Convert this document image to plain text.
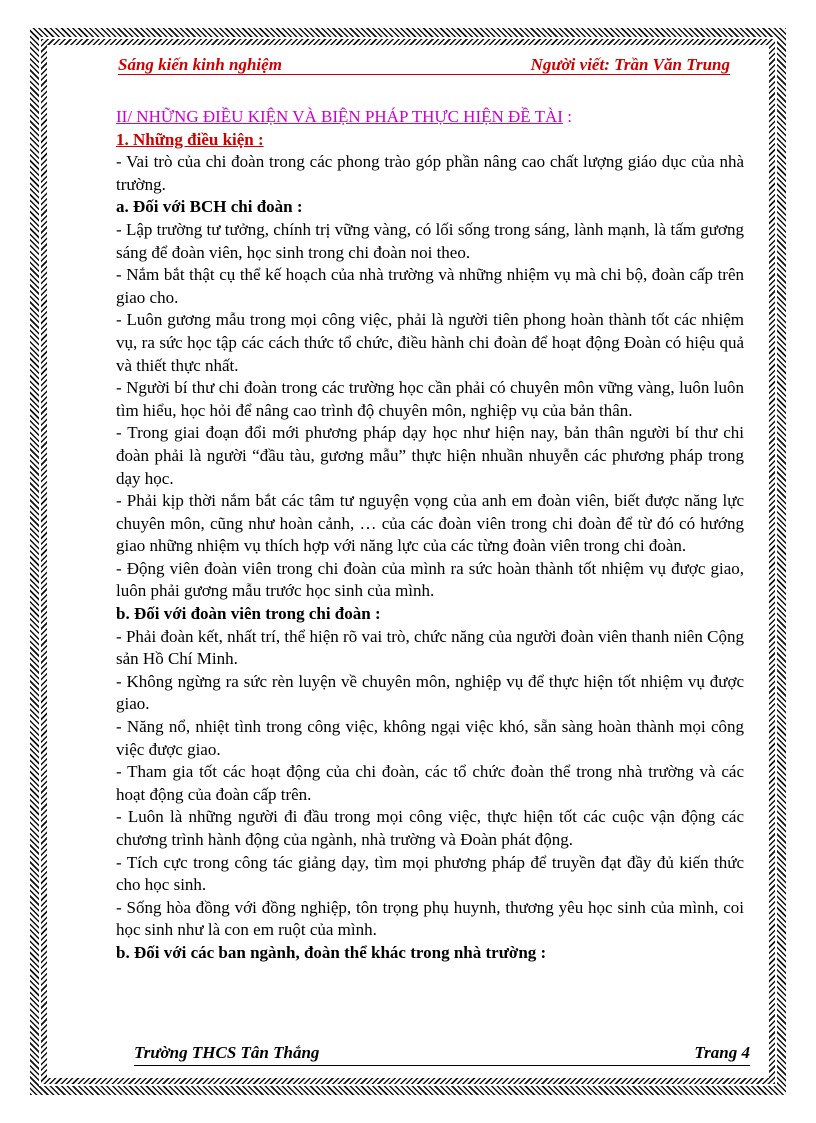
Sáng kiến kinh nghiệm	Người viết: Trần Văn Trung

II/ NHỮNG ĐIỀU KIỆN VÀ BIỆN PHÁP THỰC HIỆN ĐỀ TÀI :

1. Những điều kiện :

- Vai trò của chi đoàn trong các phong trào góp phần nâng cao chất lượng giáo dục của nhà trường.

a. Đối với BCH chi đoàn :

- Lập trường tư tưởng, chính trị vững vàng, có lối sống trong sáng, lành mạnh, là tấm gương sáng để đoàn viên, học sinh trong chi đoàn noi theo.

- Nắm bắt thật cụ thể kế hoạch của nhà trường và những nhiệm vụ mà chi bộ, đoàn cấp trên giao cho.

- Luôn gương mẫu trong mọi công việc, phải là người tiên phong hoàn thành tốt các nhiệm vụ, ra sức học tập các cách thức tổ chức, điều hành chi đoàn để hoạt động Đoàn có hiệu quả và thiết thực nhất.

- Người bí thư chi đoàn trong các trường học cần phải có chuyên môn vững vàng, luôn luôn tìm hiểu, học hỏi để nâng cao trình độ chuyên môn, nghiệp vụ của bản thân.

- Trong giai đoạn đổi mới phương pháp dạy học như hiện nay, bản thân người bí thư chi đoàn phải là người “đầu tàu, gương mẫu” thực hiện nhuần nhuyễn các phương pháp trong dạy học.

- Phải kịp thời nắm bắt các tâm tư nguyện vọng của anh em đoàn viên, biết được năng lực chuyên môn, cũng như hoàn cảnh, … của các đoàn viên trong chi đoàn để từ đó có hướng giao những nhiệm vụ thích hợp với năng lực của các từng đoàn viên trong chi đoàn.

- Động viên đoàn viên trong chi đoàn của mình ra sức hoàn thành tốt nhiệm vụ được giao, luôn phải gương mẫu trước học sinh của mình.

b. Đối với đoàn viên trong chi đoàn :

- Phải đoàn kết, nhất trí, thể hiện rõ vai trò, chức năng của người đoàn viên thanh niên Cộng sản Hồ Chí Minh.

- Không ngừng ra sức rèn luyện về chuyên môn, nghiệp vụ để thực hiện tốt nhiệm vụ được giao.

- Năng nổ, nhiệt tình trong công việc, không ngại việc khó, sẵn sàng hoàn thành mọi công việc được giao.

- Tham gia tốt các hoạt động của chi đoàn, các tổ chức đoàn thể trong nhà trường và các hoạt động của đoàn cấp trên.

- Luôn là những người đi đầu trong mọi công việc, thực hiện tốt các cuộc vận động các chương trình hành động của ngành, nhà trường và Đoàn phát động.

- Tích cực trong công tác giảng dạy, tìm mọi phương pháp để truyền đạt đầy đủ kiến thức cho học sinh.

- Sống hòa đồng với đồng nghiệp, tôn trọng phụ huynh, thương yêu học sinh của mình, coi học sinh như là con em ruột của mình.

b. Đối với các ban ngành, đoàn thể khác trong nhà trường :

Trường THCS Tân Thắng	Trang 4
